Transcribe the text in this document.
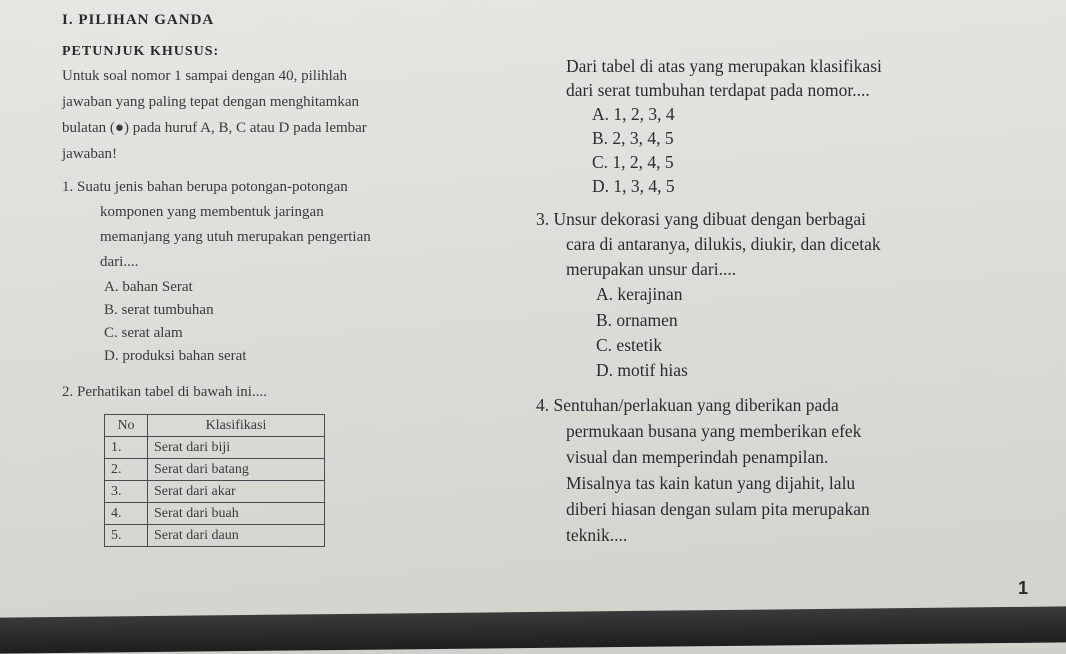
I. PILIHAN GANDA
PETUNJUK KHUSUS:
Untuk soal nomor 1 sampai dengan 40, pilihlah
jawaban yang paling tepat dengan menghitamkan
bulatan (●) pada huruf A, B, C atau D pada lembar
jawaban!
1. Suatu jenis bahan berupa potongan-potongan
komponen yang membentuk jaringan
memanjang yang utuh merupakan pengertian
dari....
A. bahan Serat
B. serat tumbuhan
C. serat alam
D. produksi bahan serat
2. Perhatikan tabel di bawah ini....
No	Klasifikasi
1.	Serat dari biji
2.	Serat dari batang
3.	Serat dari akar
4.	Serat dari buah
5.	Serat dari daun
Dari tabel di atas yang merupakan klasifikasi
dari serat tumbuhan terdapat pada nomor....
A. 1, 2, 3, 4
B. 2, 3, 4, 5
C. 1, 2, 4, 5
D. 1, 3, 4, 5
3. Unsur dekorasi yang dibuat dengan berbagai
cara di antaranya, dilukis, diukir, dan dicetak
merupakan unsur dari....
A. kerajinan
B. ornamen
C. estetik
D. motif hias
4. Sentuhan/perlakuan yang diberikan pada
permukaan busana yang memberikan efek
visual dan memperindah penampilan.
Misalnya tas kain katun yang dijahit, lalu
diberi hiasan dengan sulam pita merupakan
teknik....
1
